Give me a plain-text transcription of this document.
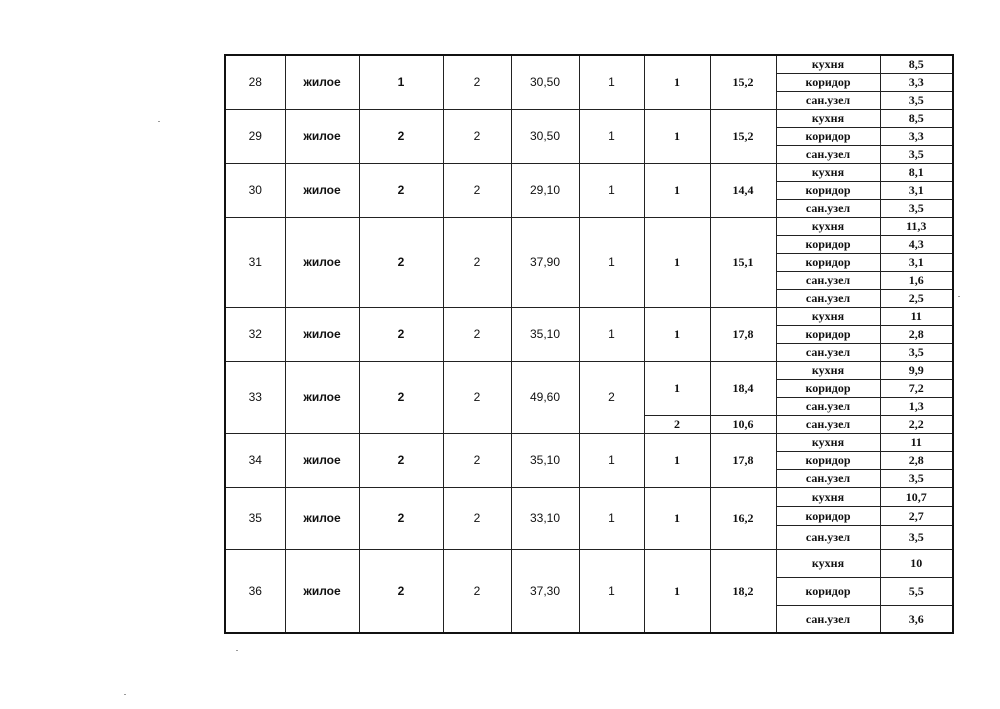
28	жилое	1	2	30,50	1	1	15,2	кухня	8,5
								коридор	3,3
								сан.узел	3,5
29	жилое	2	2	30,50	1	1	15,2	кухня	8,5
								коридор	3,3
								сан.узел	3,5
30	жилое	2	2	29,10	1	1	14,4	кухня	8,1
								коридор	3,1
								сан.узел	3,5
31	жилое	2	2	37,90	1	1	15,1	кухня	11,3
								коридор	4,3
								коридор	3,1
								сан.узел	1,6
								сан.узел	2,5
32	жилое	2	2	35,10	1	1	17,8	кухня	11
								коридор	2,8
								сан.узел	3,5
33	жилое	2	2	49,60	2	1	18,4	кухня	9,9
								коридор	7,2
								сан.узел	1,3
						2	10,6	сан.узел	2,2
34	жилое	2	2	35,10	1	1	17,8	кухня	11
								коридор	2,8
								сан.узел	3,5
35	жилое	2	2	33,10	1	1	16,2	кухня	10,7
								коридор	2,7
								сан.узел	3,5
36	жилое	2	2	37,30	1	1	18,2	кухня	10
								коридор	5,5
								сан.узел	3,6
